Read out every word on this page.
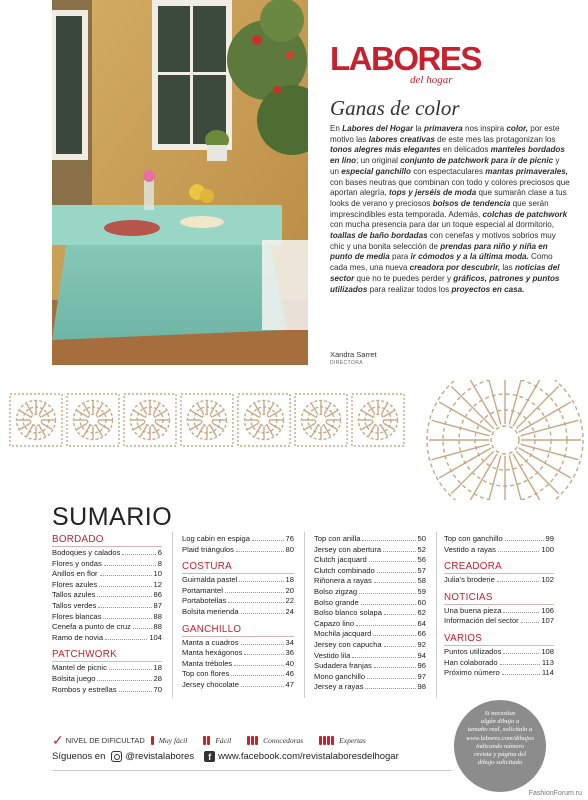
LABORES
del hogar
Ganas de color

En Labores del Hogar la primavera nos inspira color, por este motivo las labores creativas de este mes las protagonizan los tonos alegres más elegantes en delicados manteles bordados en lino; un original conjunto de patchwork para ir de picnic y un especial ganchillo con espectaculares mantas primaverales, con bases neutras que combinan con todo y colores preciosos que aportan alegría, tops y jerséis de moda que sumarán clase a tus looks de verano y preciosos bolsos de tendencia que serán imprescindibles esta temporada. Además, colchas de patchwork con mucha presencia para dar un toque especial al dormitorio, toallas de baño bordadas con cenefas y motivos sobrios muy chic y una bonita selección de prendas para niño y niña en punto de media para ir cómodos y a la última moda. Como cada mes, una nueva creadora por descubrir, las noticias del sector que no te puedes perder y gráficos, patrones y puntos utilizados para realizar todos los proyectos en casa.

Xandra Sarret
DIRECTORA
SUMARIO
BORDADO
Bodoques y calados	6
Flores y ondas	8
Anillos en flor	10
Flores azules	12
Tallos azules	86
Tallos verdes	87
Flores blancas	88
Cenefa a punto de cruz	88
Ramo de novia	104
PATCHWORK
Mantel de picnic	18
Bolsita juego	28
Rombos y estrellas	70
Log cabin en espiga	76
Plaid triángulos	80
COSTURA
Guirnalda pastel	18
Portamantel	20
Portabotellas	22
Bolsita merienda	24
GANCHILLO
Manta a cuadros	34
Manta hexágonos	36
Manta tréboles	40
Top con flores	46
Jersey chocolate	47
Top con anilla	50
Jersey con abertura	52
Clutch jacquard	56
Clutch combinado	57
Riñonera a rayas	58
Bolso zigzag	59
Bolso grande	60
Bolso blanco solapa	62
Capazo lino	64
Mochila jacquard	66
Jersey con capucha	92
Vestido lila	94
Sudadera franjas	96
Mono ganchillo	97
Jersey a rayas	98
Top con ganchillo	99
Vestido a rayas	100
CREADORA
Julia's broderie	102
NOTICIAS
Una buena pieza	106
Información del sector	107
VARIOS
Puntos utilizados	108
Han colaborado	113
Próximo número	114
✓ NIVEL DE DIFICULTAD Muy fácil	Fácil	Conocedoras	Expertas
Síguenos en @revistalabores	f www.facebook.com/revistalaboresdelhogar
Si necesitas
algún dibujo a
tamaño real, solicítalo a
www.labores.com/dibujos
indicando número
revista y página del
dibujo solicitado
FashionForum.ru
